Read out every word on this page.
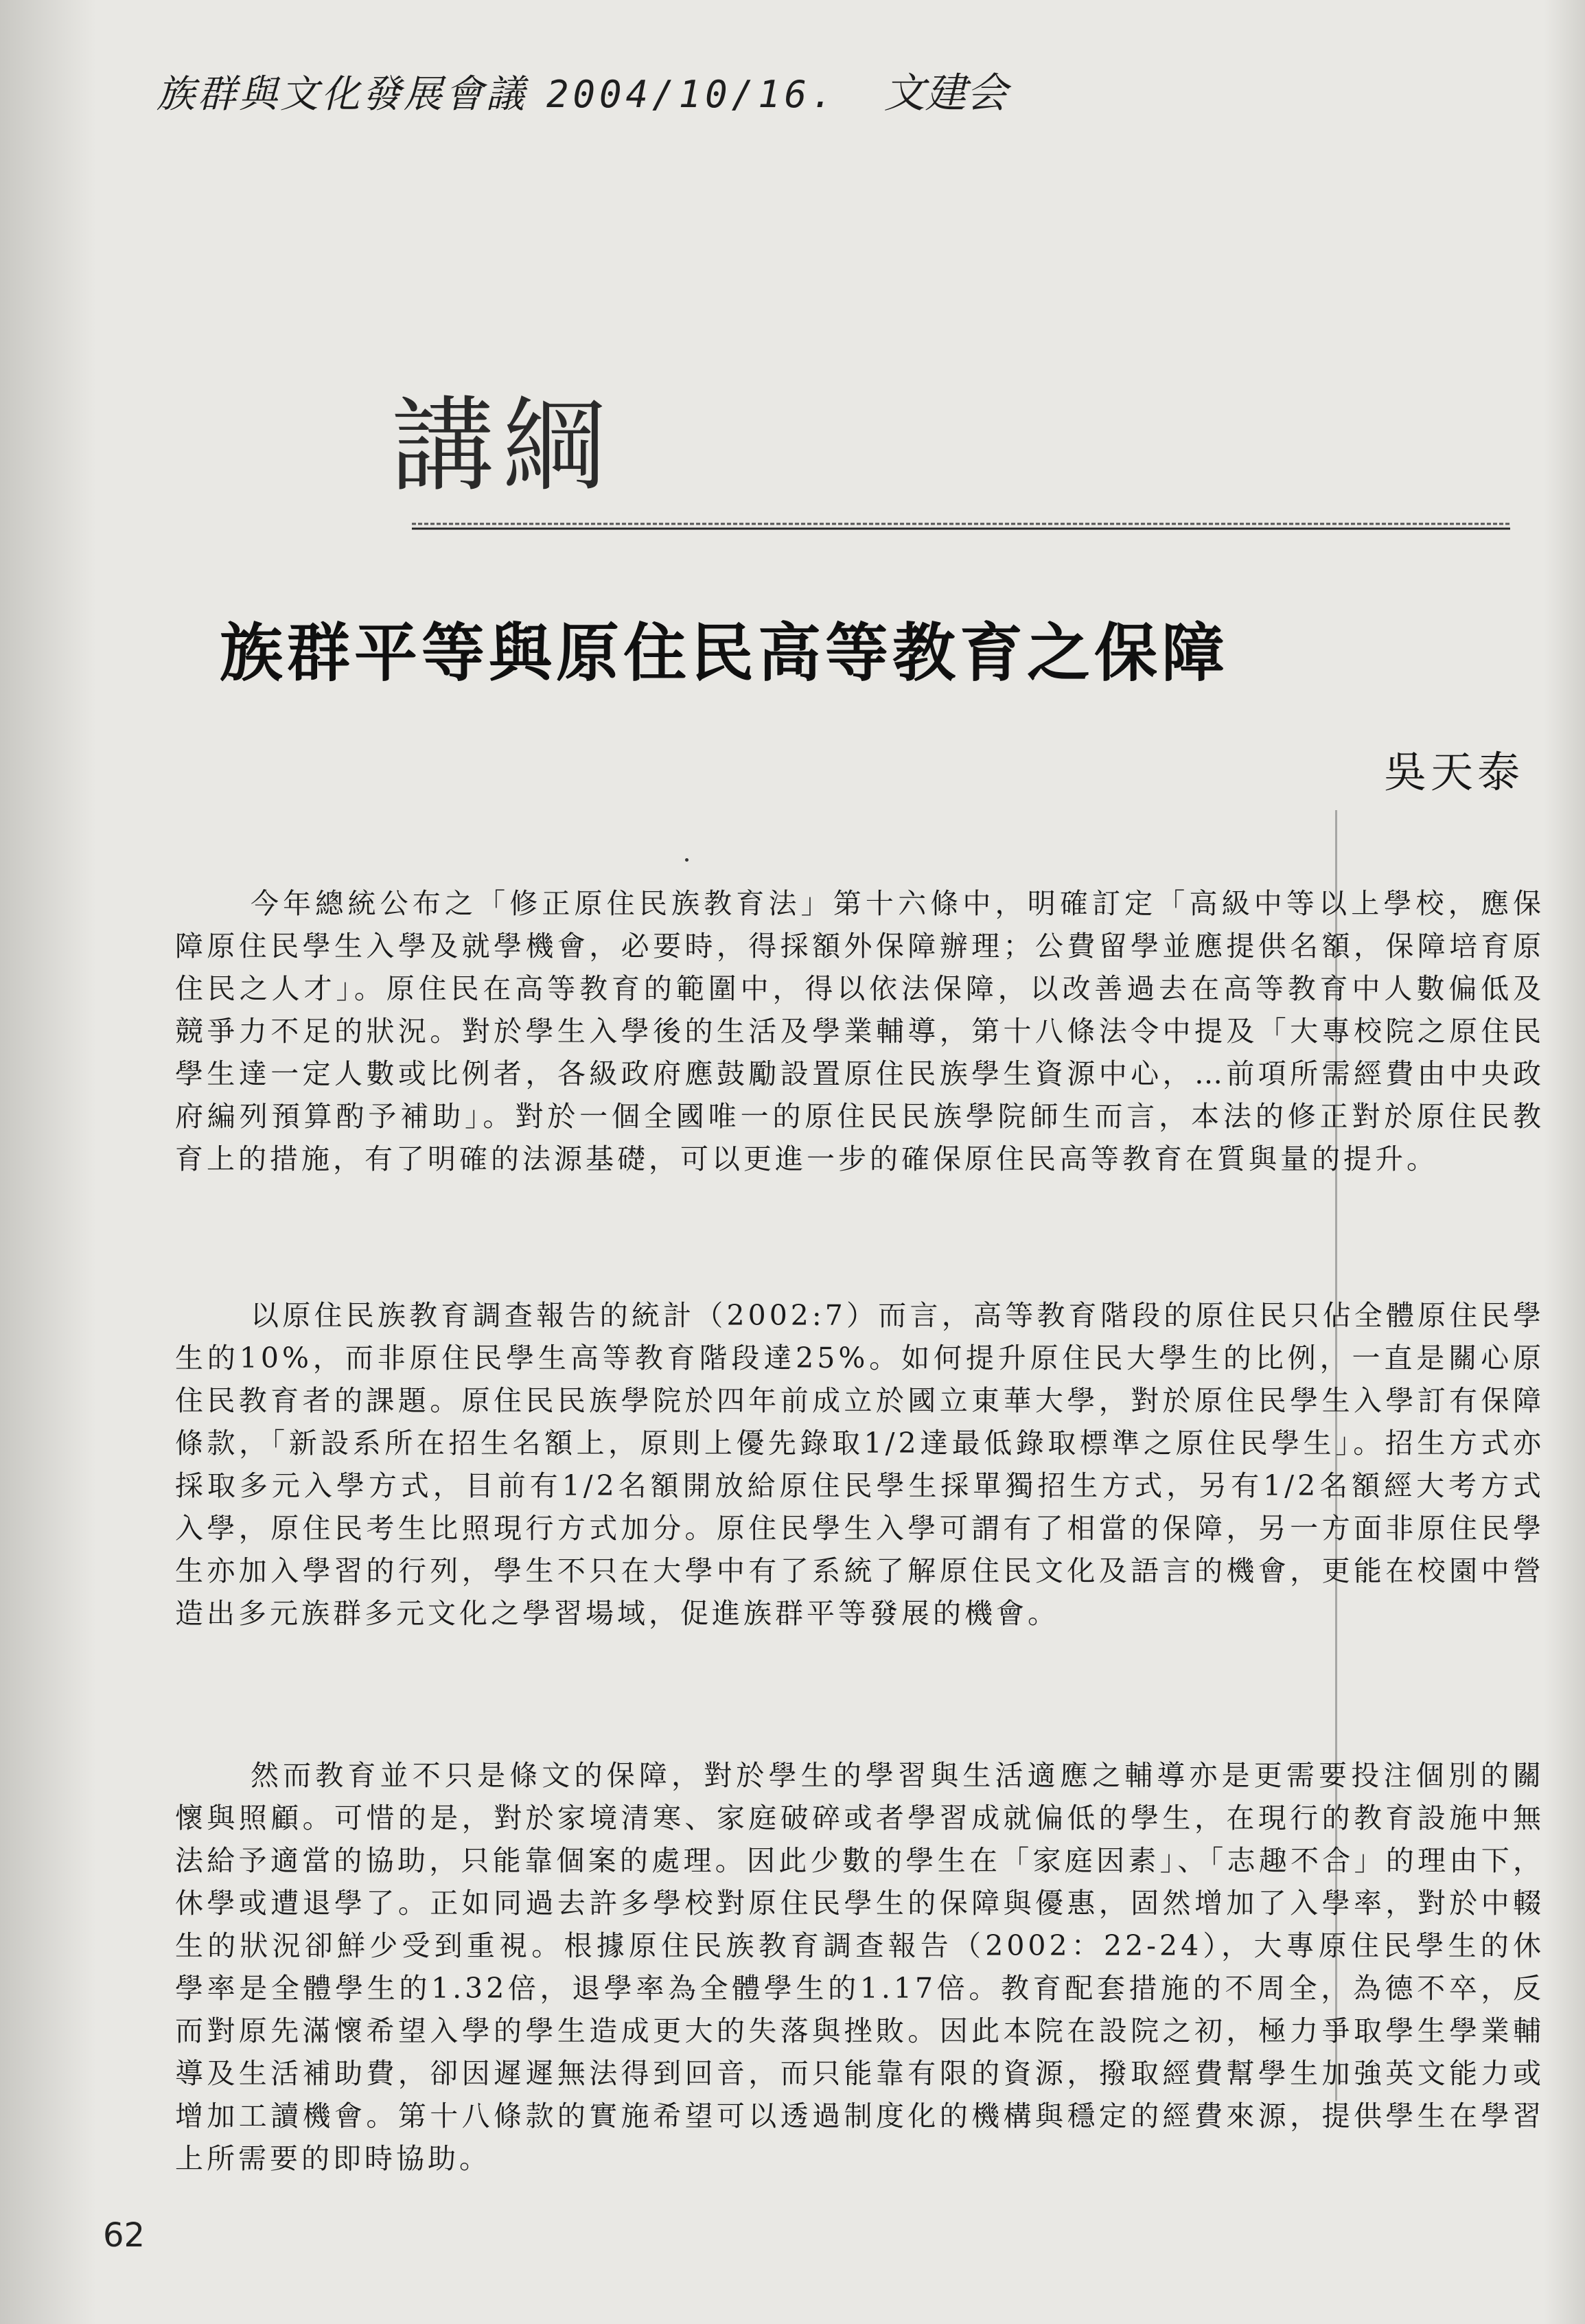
族群與文化發展會議 2004/10/16. 文建会
講綱
族群平等與原住民高等教育之保障
吳天泰

今年總統公布之「修正原住民族教育法」第十六條中，明確訂定「高級中等以上學校，應保障原住民學生入學及就學機會，必要時，得採額外保障辦理；公費留學並應提供名額，保障培育原住民之人才」。原住民在高等教育的範圍中，得以依法保障，以改善過去在高等教育中人數偏低及競爭力不足的狀況。對於學生入學後的生活及學業輔導，第十八條法令中提及「大專校院之原住民學生達一定人數或比例者，各級政府應鼓勵設置原住民族學生資源中心，…前項所需經費由中央政府編列預算酌予補助」。對於一個全國唯一的原住民民族學院師生而言，本法的修正對於原住民教育上的措施，有了明確的法源基礎，可以更進一步的確保原住民高等教育在質與量的提升。

以原住民族教育調查報告的統計（2002:7）而言，高等教育階段的原住民只佔全體原住民學生的10%，而非原住民學生高等教育階段達25%。如何提升原住民大學生的比例，一直是關心原住民教育者的課題。原住民民族學院於四年前成立於國立東華大學，對於原住民學生入學訂有保障條款，「新設系所在招生名額上，原則上優先錄取1/2達最低錄取標準之原住民學生」。招生方式亦採取多元入學方式，目前有1/2名額開放給原住民學生採單獨招生方式，另有1/2名額經大考方式入學，原住民考生比照現行方式加分。原住民學生入學可謂有了相當的保障，另一方面非原住民學生亦加入學習的行列，學生不只在大學中有了系統了解原住民文化及語言的機會，更能在校園中營造出多元族群多元文化之學習場域，促進族群平等發展的機會。

然而教育並不只是條文的保障，對於學生的學習與生活適應之輔導亦是更需要投注個別的關懷與照顧。可惜的是，對於家境清寒、家庭破碎或者學習成就偏低的學生，在現行的教育設施中無法給予適當的協助，只能靠個案的處理。因此少數的學生在「家庭因素」、「志趣不合」的理由下，休學或遭退學了。正如同過去許多學校對原住民學生的保障與優惠，固然增加了入學率，對於中輟生的狀況卻鮮少受到重視。根據原住民族教育調查報告（2002：22-24），大專原住民學生的休學率是全體學生的1.32倍，退學率為全體學生的1.17倍。教育配套措施的不周全，為德不卒，反而對原先滿懷希望入學的學生造成更大的失落與挫敗。因此本院在設院之初，極力爭取學生學業輔導及生活補助費，卻因遲遲無法得到回音，而只能靠有限的資源，撥取經費幫學生加強英文能力或增加工讀機會。第十八條款的實施希望可以透過制度化的機構與穩定的經費來源，提供學生在學習上所需要的即時協助。

62
